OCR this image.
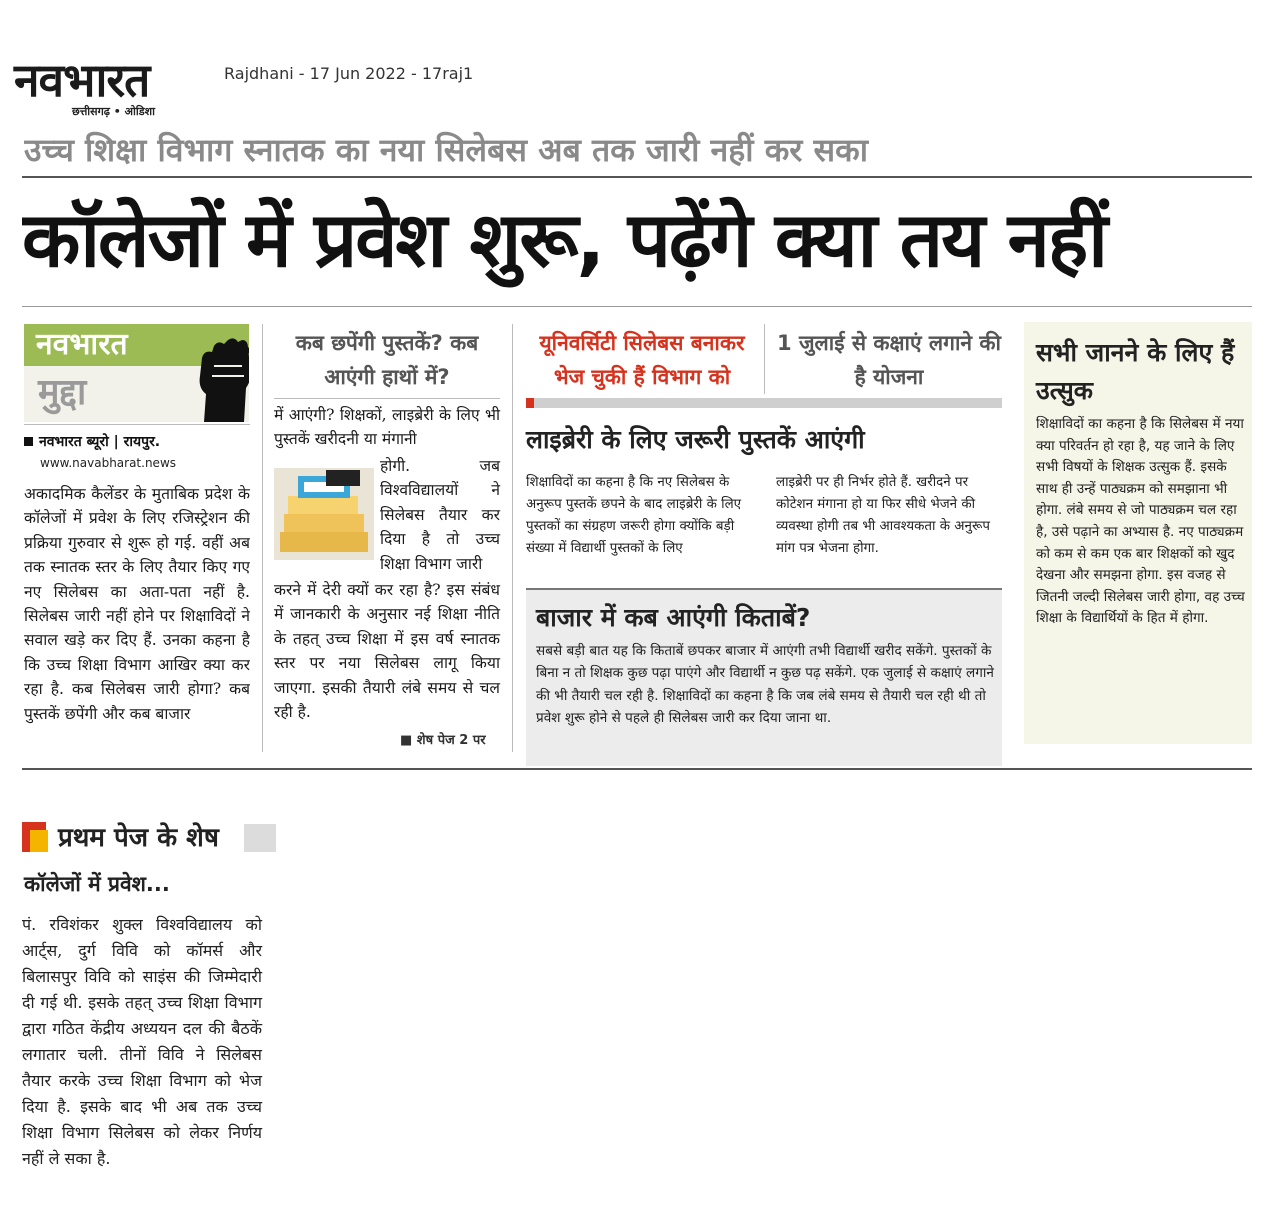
नवभारत
छत्तीसगढ़ • ओडिशा
Rajdhani - 17 Jun 2022 - 17raj1
उच्च शिक्षा विभाग स्नातक का नया सिलेबस अब तक जारी नहीं कर सका
कॉलेजों में प्रवेश शुरू, पढ़ेंगे क्या तय नहीं
नवभारत
मुद्दा
नवभारत ब्यूरो | रायपुर.
www.navabharat.news
अकादमिक कैलेंडर के मुताबिक प्रदेश के कॉलेजों में प्रवेश के लिए रजिस्ट्रेशन की प्रक्रिया गुरुवार से शुरू हो गई. वहीं अब तक स्नातक स्तर के लिए तैयार किए गए नए सिलेबस का अता-पता नहीं है. सिलेबस जारी नहीं होने पर शिक्षाविदों ने सवाल खड़े कर दिए हैं. उनका कहना है कि उच्च शिक्षा विभाग आखिर क्या कर रहा है. कब सिलेबस जारी होगा? कब पुस्तकें छपेंगी और कब बाजार
कब छपेंगी पुस्तकें? कब आएंगी हाथों में?
में आएंगी? शिक्षकों, लाइब्रेरी के लिए भी पुस्तकें खरीदनी या मंगानी
होगी. जब विश्वविद्यालयों ने सिलेबस तैयार कर दिया है तो उच्च शिक्षा विभाग जारी
करने में देरी क्यों कर रहा है? इस संबंध में जानकारी के अनुसार नई शिक्षा नीति के तहत् उच्च शिक्षा में इस वर्ष स्नातक स्तर पर नया सिलेबस लागू किया जाएगा. इसकी तैयारी लंबे समय से चल रही है.
■ शेष पेज 2 पर
यूनिवर्सिटी सिलेबस बनाकर भेज चुकी हैं विभाग को
1 जुलाई से कक्षाएं लगाने की है योजना
लाइब्रेरी के लिए जरूरी पुस्तकें आएंगी
शिक्षाविदों का कहना है कि नए सिलेबस के अनुरूप पुस्तकें छपने के बाद लाइब्रेरी के लिए पुस्तकों का संग्रहण जरूरी होगा क्योंकि बड़ी संख्या में विद्यार्थी पुस्तकों के लिए
लाइब्रेरी पर ही निर्भर होते हैं. खरीदने पर कोटेशन मंगाना हो या फिर सीधे भेजने की व्यवस्था होगी तब भी आवश्यकता के अनुरूप मांग पत्र भेजना होगा.
बाजार में कब आएंगी किताबें?
सबसे बड़ी बात यह कि किताबें छपकर बाजार में आएंगी तभी विद्यार्थी खरीद सकेंगे. पुस्तकों के बिना न तो शिक्षक कुछ पढ़ा पाएंगे और विद्यार्थी न कुछ पढ़ सकेंगे. एक जुलाई से कक्षाएं लगाने की भी तैयारी चल रही है. शिक्षाविदों का कहना है कि जब लंबे समय से तैयारी चल रही थी तो प्रवेश शुरू होने से पहले ही सिलेबस जारी कर दिया जाना था.
सभी जानने के लिए हैं उत्सुक
शिक्षाविदों का कहना है कि सिलेबस में नया क्या परिवर्तन हो रहा है, यह जाने के लिए सभी विषयों के शिक्षक उत्सुक हैं. इसके साथ ही उन्हें पाठ्यक्रम को समझाना भी होगा. लंबे समय से जो पाठ्यक्रम चल रहा है, उसे पढ़ाने का अभ्यास है. नए पाठ्यक्रम को कम से कम एक बार शिक्षकों को खुद देखना और समझना होगा. इस वजह से जितनी जल्दी सिलेबस जारी होगा, वह उच्च शिक्षा के विद्यार्थियों के हित में होगा.
प्रथम पेज के शेष
कॉलेजों में प्रवेश...
पं. रविशंकर शुक्ल विश्वविद्यालय को आर्ट्स, दुर्ग विवि को कॉमर्स और बिलासपुर विवि को साइंस की जिम्मेदारी दी गई थी. इसके तहत् उच्च शिक्षा विभाग द्वारा गठित केंद्रीय अध्ययन दल की बैठकें लगातार चली. तीनों विवि ने सिलेबस तैयार करके उच्च शिक्षा विभाग को भेज दिया है. इसके बाद भी अब तक उच्च शिक्षा विभाग सिलेबस को लेकर निर्णय नहीं ले सका है.
